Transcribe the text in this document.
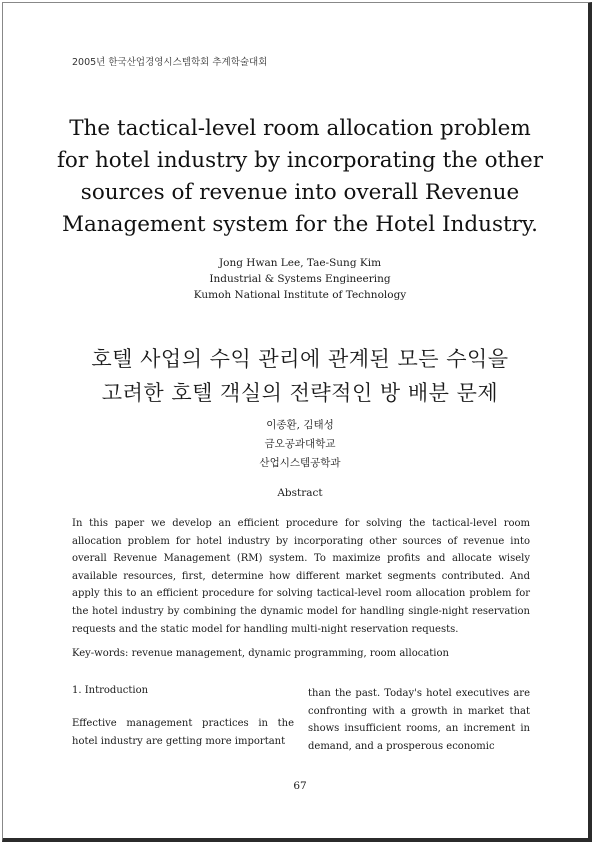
2005년 한국산업경영시스템학회 추계학술대회
The tactical-level room allocation problem
for hotel industry by incorporating the other
sources of revenue into overall Revenue
Management system for the Hotel Industry.
Jong Hwan Lee, Tae-Sung Kim
Industrial & Systems Engineering
Kumoh National Institute of Technology
호텔 사업의 수익 관리에 관계된 모든 수익을
고려한 호텔 객실의 전략적인 방 배분 문제
이종환, 김태성
금오공과대학교
산업시스템공학과
Abstract
In this paper we develop an efficient procedure for solving the tactical-level room allocation problem for hotel industry by incorporating other sources of revenue into overall Revenue Management (RM) system. To maximize profits and allocate wisely available resources, first, determine how different market segments contributed. And apply this to an efficient procedure for solving tactical-level room allocation problem for the hotel industry by combining the dynamic model for handling single-night reservation requests and the static model for handling multi-night reservation requests.
Key-words: revenue management, dynamic programming, room allocation
1. Introduction
Effective management practices in the hotel industry are getting more important
than the past. Today's hotel executives are confronting with a growth in market that shows insufficient rooms, an increment in demand, and a prosperous economic
67
